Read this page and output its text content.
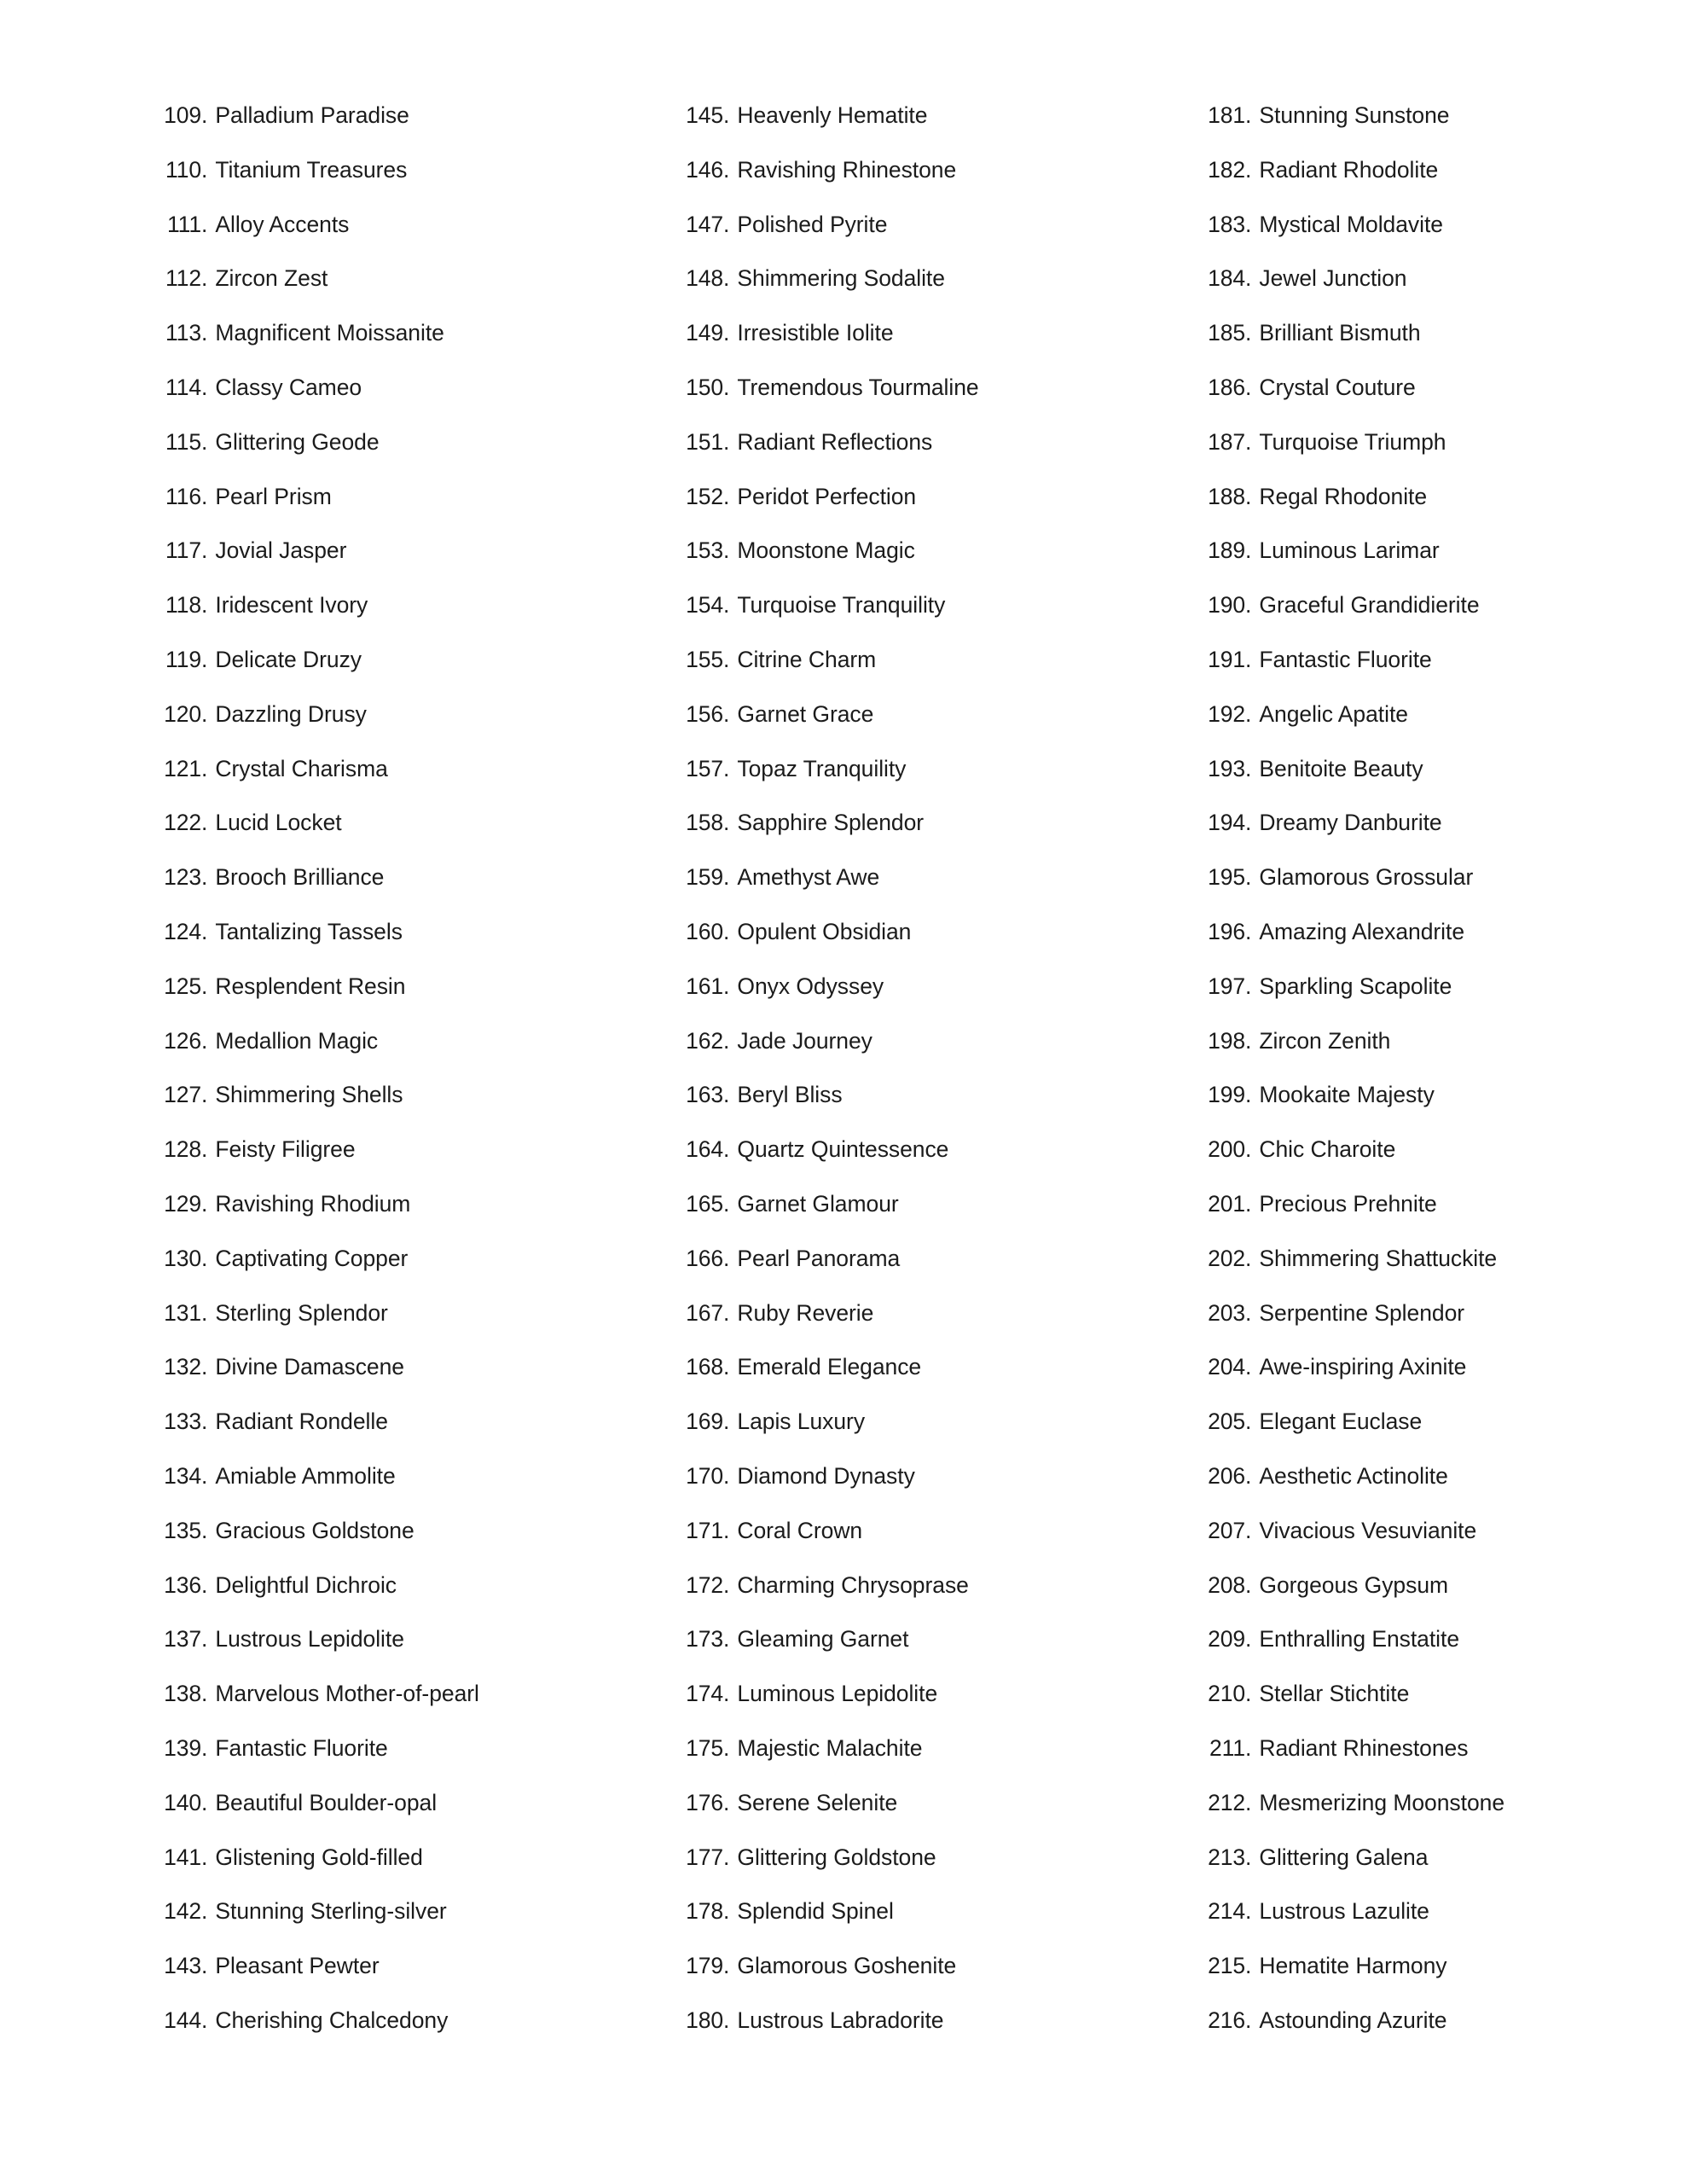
109 . Palladium Paradise
110 . Titanium Treasures
111 . Alloy Accents
112 . Zircon Zest
113 . Magnificent Moissanite
114 . Classy Cameo
115 . Glittering Geode
116 . Pearl Prism
117 . Jovial Jasper
118 . Iridescent Ivory
119 . Delicate Druzy
120 . Dazzling Drusy
121 . Crystal Charisma
122 . Lucid Locket
123 . Brooch Brilliance
124 . Tantalizing Tassels
125 . Resplendent Resin
126 . Medallion Magic
127 . Shimmering Shells
128 . Feisty Filigree
129 . Ravishing Rhodium
130 . Captivating Copper
131 . Sterling Splendor
132 . Divine Damascene
133 . Radiant Rondelle
134 . Amiable Ammolite
135 . Gracious Goldstone
136 . Delightful Dichroic
137 . Lustrous Lepidolite
138 . Marvelous Mother-of-pearl
139 . Fantastic Fluorite
140 . Beautiful Boulder-opal
141 . Glistening Gold-filled
142 . Stunning Sterling-silver
143 . Pleasant Pewter
144 . Cherishing Chalcedony
145 . Heavenly Hematite
146 . Ravishing Rhinestone
147 . Polished Pyrite
148 . Shimmering Sodalite
149 . Irresistible Iolite
150 . Tremendous Tourmaline
151 . Radiant Reflections
152 . Peridot Perfection
153 . Moonstone Magic
154 . Turquoise Tranquility
155 . Citrine Charm
156 . Garnet Grace
157 . Topaz Tranquility
158 . Sapphire Splendor
159 . Amethyst Awe
160 . Opulent Obsidian
161 . Onyx Odyssey
162 . Jade Journey
163 . Beryl Bliss
164 . Quartz Quintessence
165 . Garnet Glamour
166 . Pearl Panorama
167 . Ruby Reverie
168 . Emerald Elegance
169 . Lapis Luxury
170 . Diamond Dynasty
171 . Coral Crown
172 . Charming Chrysoprase
173 . Gleaming Garnet
174 . Luminous Lepidolite
175 . Majestic Malachite
176 . Serene Selenite
177 . Glittering Goldstone
178 . Splendid Spinel
179 . Glamorous Goshenite
180 . Lustrous Labradorite
181 . Stunning Sunstone
182 . Radiant Rhodolite
183 . Mystical Moldavite
184 . Jewel Junction
185 . Brilliant Bismuth
186 . Crystal Couture
187 . Turquoise Triumph
188 . Regal Rhodonite
189 . Luminous Larimar
190 . Graceful Grandidierite
191 . Fantastic Fluorite
192 . Angelic Apatite
193 . Benitoite Beauty
194 . Dreamy Danburite
195 . Glamorous Grossular
196 . Amazing Alexandrite
197 . Sparkling Scapolite
198 . Zircon Zenith
199 . Mookaite Majesty
200 . Chic Charoite
201 . Precious Prehnite
202 . Shimmering Shattuckite
203 . Serpentine Splendor
204 . Awe-inspiring Axinite
205 . Elegant Euclase
206 . Aesthetic Actinolite
207 . Vivacious Vesuvianite
208 . Gorgeous Gypsum
209 . Enthralling Enstatite
210 . Stellar Stichtite
211 . Radiant Rhinestones
212 . Mesmerizing Moonstone
213 . Glittering Galena
214 . Lustrous Lazulite
215 . Hematite Harmony
216 . Astounding Azurite
